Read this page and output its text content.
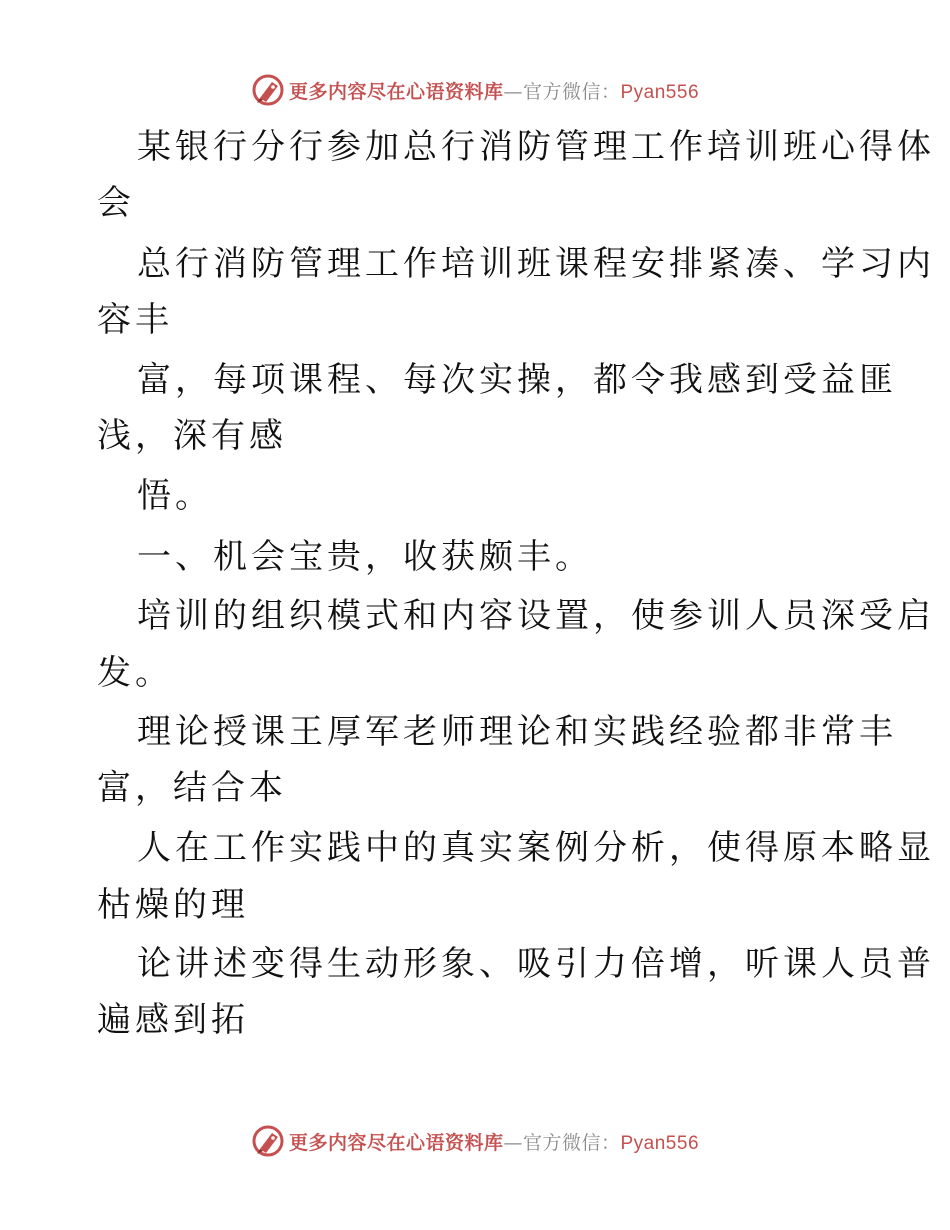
更多内容尽在心语资料库—官方微信：Pyan556
某银行分行参加总行消防管理工作培训班心得体
会
总行消防管理工作培训班课程安排紧凑、学习内
容丰
富，每项课程、每次实操，都令我感到受益匪
浅，深有感
悟。
一、机会宝贵，收获颇丰。
培训的组织模式和内容设置，使参训人员深受启
发。
理论授课王厚军老师理论和实践经验都非常丰
富，结合本
人在工作实践中的真实案例分析，使得原本略显
枯燥的理
论讲述变得生动形象、吸引力倍增，听课人员普
遍感到拓
更多内容尽在心语资料库—官方微信：Pyan556
